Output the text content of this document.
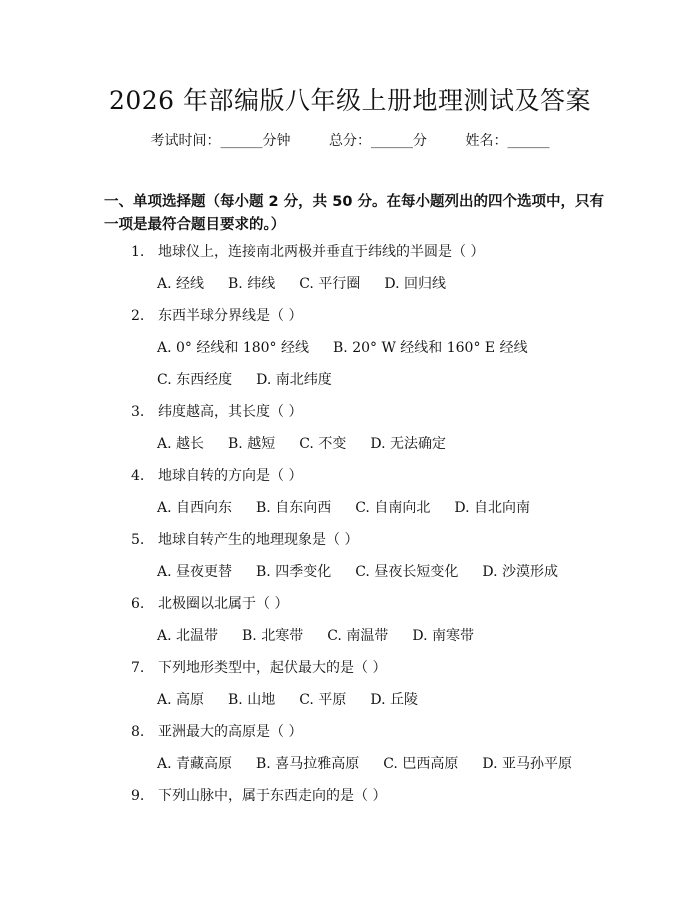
2026 年部编版八年级上册地理测试及答案
考试时间：______分钟	总分：______分	姓名：______
一、单项选择题（每小题 2 分，共 50 分。在每小题列出的四个选项中，只有一项是最符合题目要求的。）
1. 地球仪上，连接南北两极并垂直于纬线的半圆是（ ）
A. 经线 B. 纬线 C. 平行圈 D. 回归线
2. 东西半球分界线是（ ）
A. 0° 经线和 180° 经线 B. 20° W 经线和 160° E 经线
C. 东西经度 D. 南北纬度
3. 纬度越高，其长度（ ）
A. 越长 B. 越短 C. 不变 D. 无法确定
4. 地球自转的方向是（ ）
A. 自西向东 B. 自东向西 C. 自南向北 D. 自北向南
5. 地球自转产生的地理现象是（ ）
A. 昼夜更替 B. 四季变化 C. 昼夜长短变化 D. 沙漠形成
6. 北极圈以北属于（ ）
A. 北温带 B. 北寒带 C. 南温带 D. 南寒带
7. 下列地形类型中，起伏最大的是（ ）
A. 高原 B. 山地 C. 平原 D. 丘陵
8. 亚洲最大的高原是（ ）
A. 青藏高原 B. 喜马拉雅高原 C. 巴西高原 D. 亚马孙平原
9. 下列山脉中，属于东西走向的是（ ）
